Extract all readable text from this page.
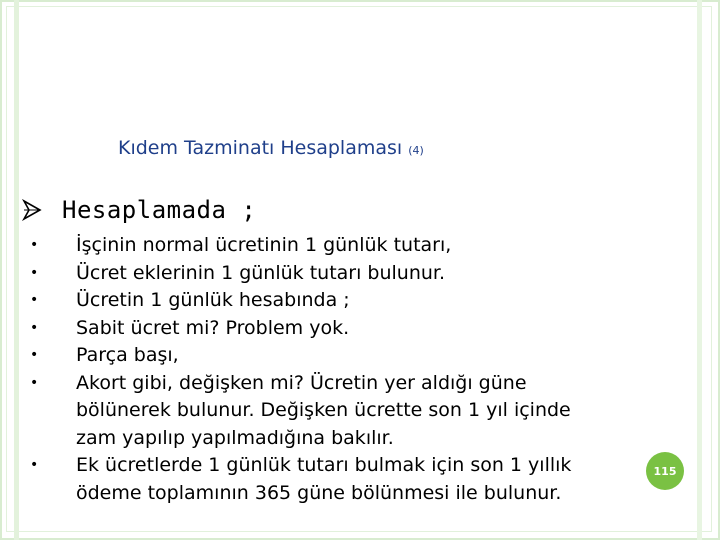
Kıdem Tazminatı Hesaplaması (4)
Hesaplamada ;
•	İşçinin normal ücretinin 1 günlük tutarı,
•	Ücret eklerinin 1 günlük tutarı bulunur.
•	Ücretin 1 günlük hesabında ;
•	Sabit ücret mi? Problem yok.
•	Parça başı,
•	Akort gibi, değişken mi? Ücretin yer aldığı güne
bölünerek bulunur. Değişken ücrette son 1 yıl içinde
zam yapılıp yapılmadığına bakılır.
•	Ek ücretlerde 1 günlük tutarı bulmak için son 1 yıllık
ödeme toplamının 365 güne bölünmesi ile bulunur.
115
